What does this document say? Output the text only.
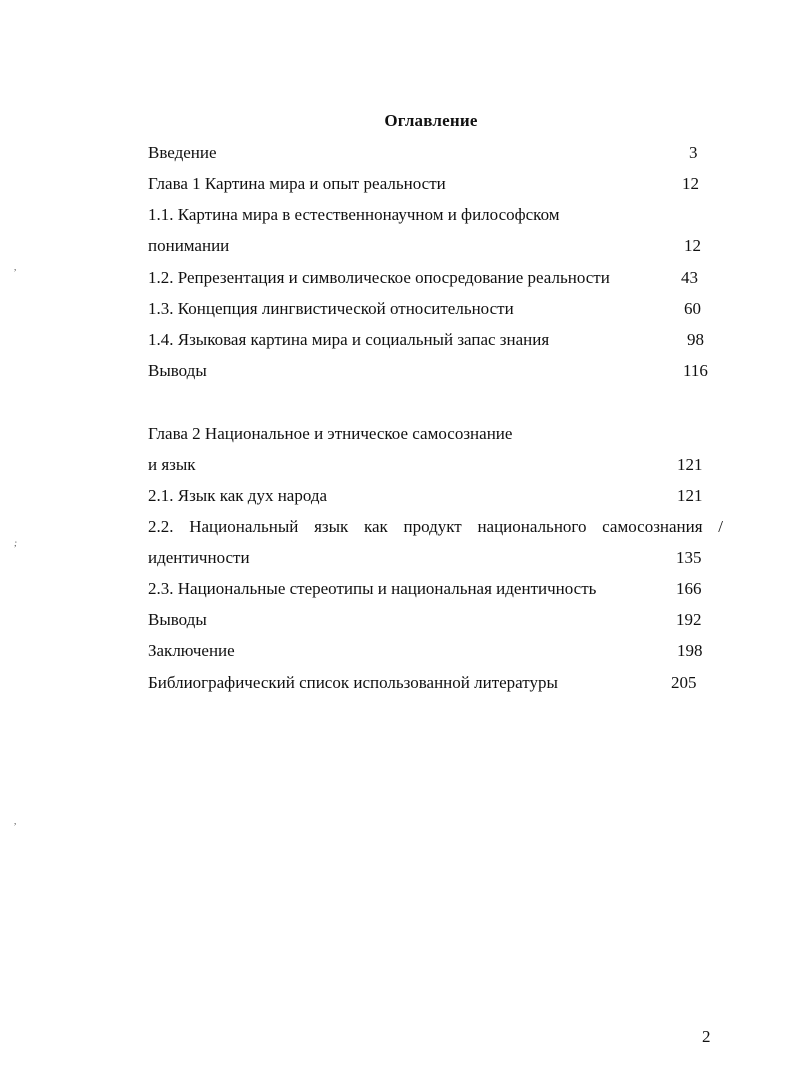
Оглавление
Введение	3
Глава 1 Картина мира и опыт реальности	12
1.1. Картина мира в естественнонаучном и философском
понимании	12
1.2. Репрезентация и символическое опосредование реальности	43
1.3. Концепция лингвистической относительности	60
1.4. Языковая картина мира и социальный запас знания	98
Выводы	116
Глава 2 Национальное и этническое самосознание
и язык	121
2.1. Язык как дух народа	121
2.2. Национальный язык как продукт национального самосознания /
идентичности	135
2.3. Национальные стереотипы и национальная идентичность	166
Выводы	192
Заключение	198
Библиографический список использованной литературы	205
,
;
,
2
